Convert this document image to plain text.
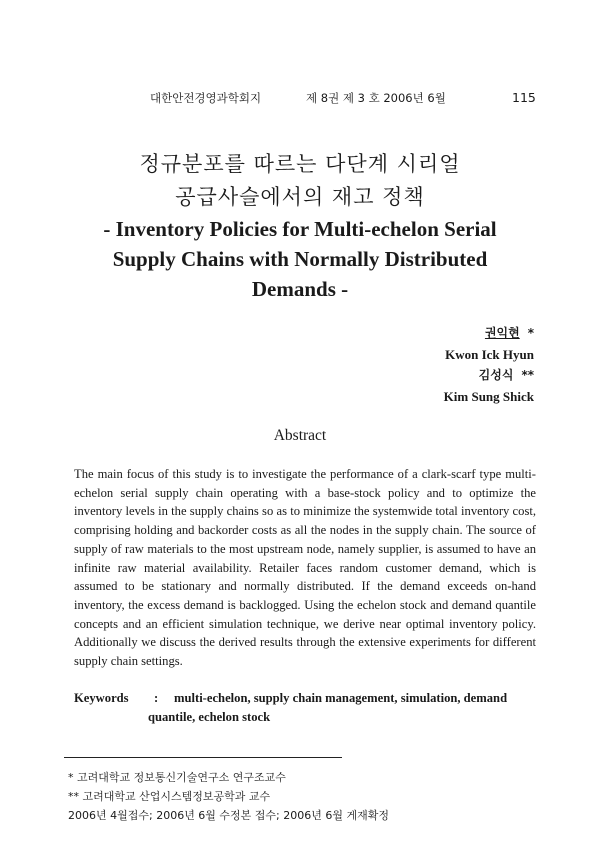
대한안전경영과학회지	제 8권 제 3 호 2006년 6월	115
정규분포를 따르는 다단계 시리얼
공급사슬에서의 재고 정책
- Inventory Policies for Multi-echelon Serial
Supply Chains with Normally Distributed
Demands -
권익현 *
Kwon Ick Hyun
김성식 **
Kim Sung Shick
Abstract
The main focus of this study is to investigate the performance of a clark-scarf type multi-echelon serial supply chain operating with a base-stock policy and to optimize the inventory levels in the supply chains so as to minimize the systemwide total inventory cost, comprising holding and backorder costs as all the nodes in the supply chain. The source of supply of raw materials to the most upstream node, namely supplier, is assumed to have an infinite raw material availability. Retailer faces random customer demand, which is assumed to be stationary and normally distributed. If the demand exceeds on-hand inventory, the excess demand is backlogged. Using the echelon stock and demand quantile concepts and an efficient simulation technique, we derive near optimal inventory policy. Additionally we discuss the derived results through the extensive experiments for different supply chain settings.
Keywords : multi-echelon, supply chain management, simulation, demand
quantile, echelon stock
* 고려대학교 정보통신기술연구소 연구조교수
** 고려대학교 산업시스템정보공학과 교수
2006년 4월접수; 2006년 6월 수정본 접수; 2006년 6월 게재확정
